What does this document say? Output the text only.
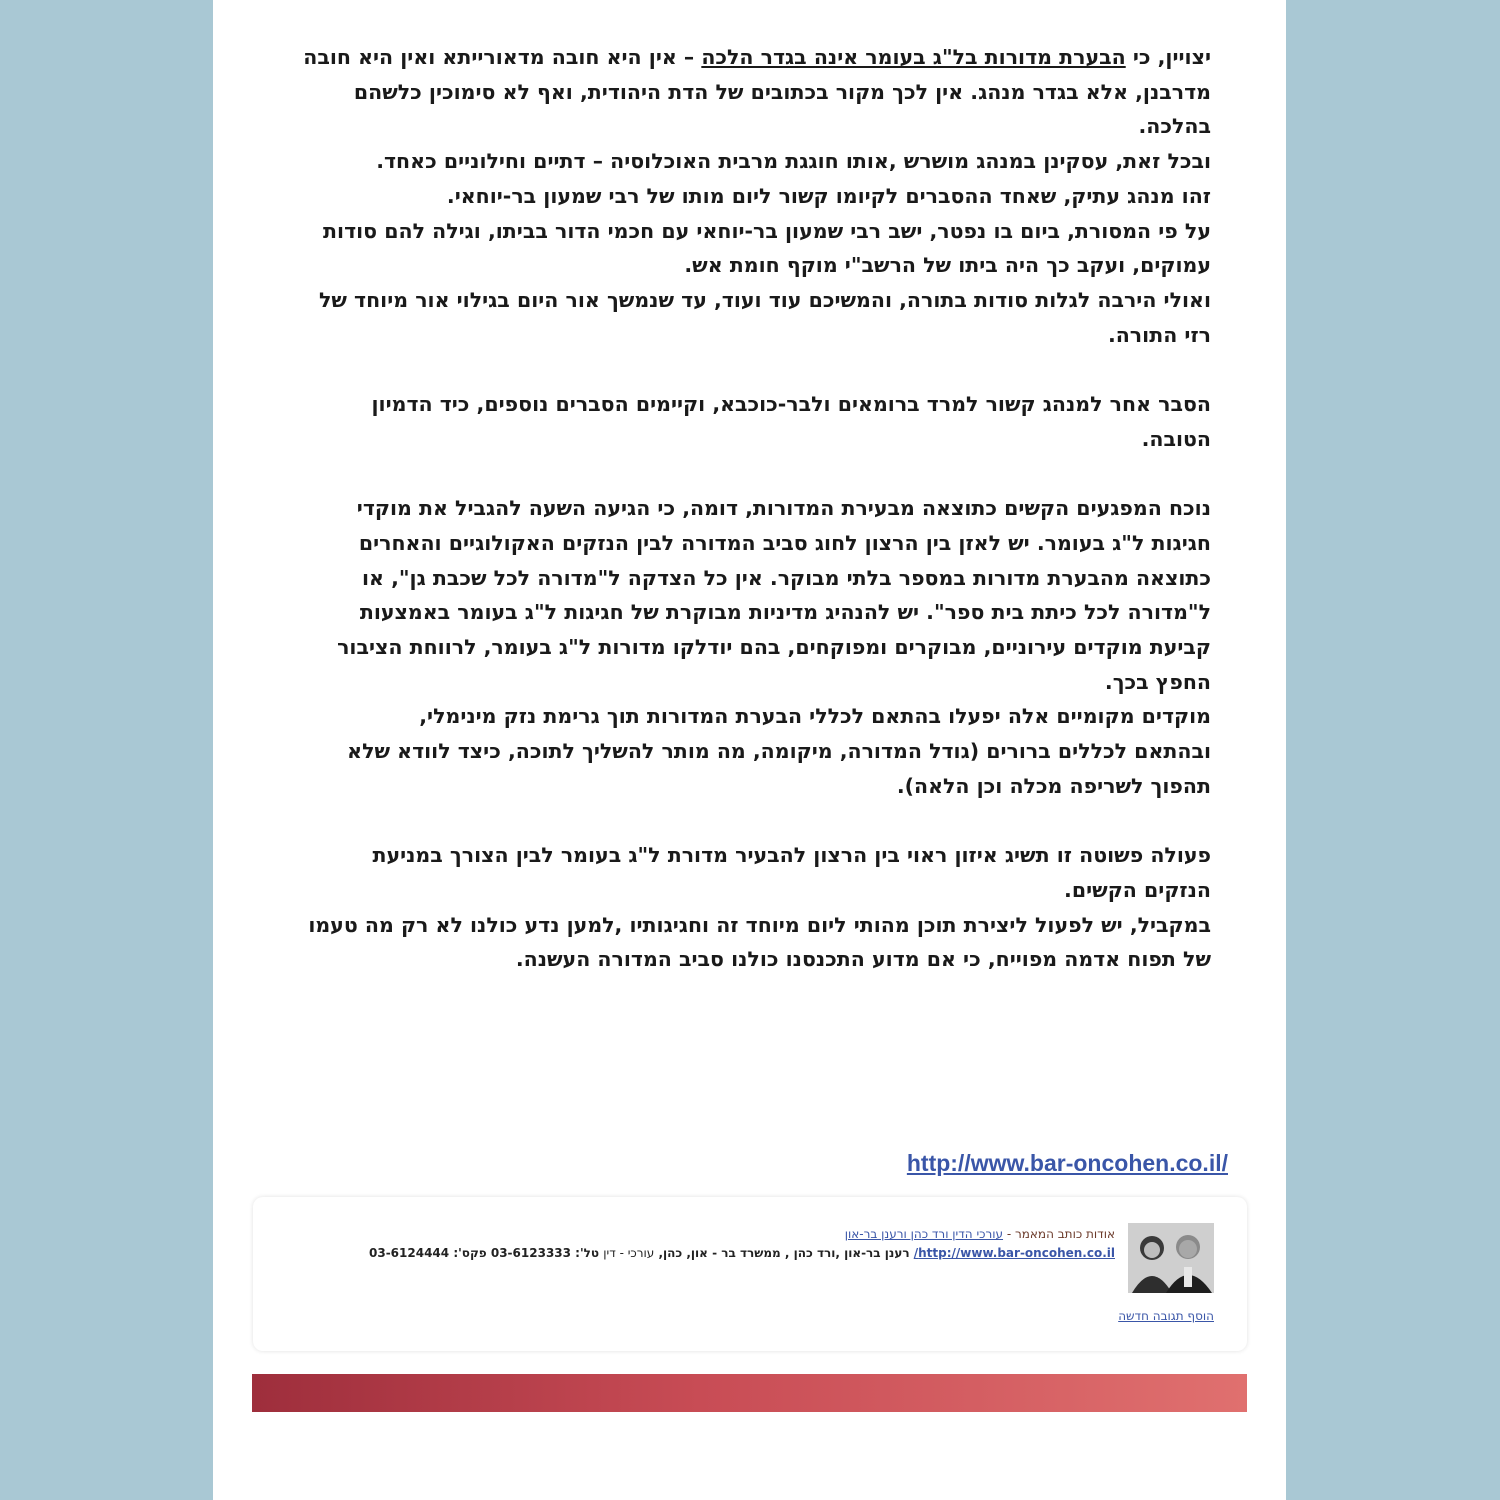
יצויין, כי הבערת מדורות בל"ג בעומר אינה בגדר הלכה – אין היא חובה מדאורייתא ואין היא חובה מדרבנן, אלא בגדר מנהג. אין לכך מקור בכתובים של הדת היהודית, ואף לא סימוכין כלשהם בהלכה.

ובכל זאת, עסקינן במנהג מושרש ,אותו חוגגת מרבית האוכלוסיה – דתיים וחילוניים כאחד.

זהו מנהג עתיק, שאחד ההסברים לקיומו קשור ליום מותו של רבי שמעון בר-יוחאי.

על פי המסורת, ביום בו נפטר, ישב רבי שמעון בר-יוחאי עם חכמי הדור בביתו, וגילה להם סודות עמוקים, ועקב כך היה ביתו של הרשב"י מוקף חומת אש.

ואולי הירבה לגלות סודות בתורה, והמשיכם עוד ועוד, עד שנמשך אור היום בגילוי אור מיוחד של רזי התורה.

הסבר אחר למנהג קשור למרד ברומאים ולבר-כוכבא, וקיימים הסברים נוספים, כיד הדמיון הטובה.

נוכח המפגעים הקשים כתוצאה מבעירת המדורות, דומה, כי הגיעה השעה להגביל את מוקדי חגיגות ל"ג בעומר. יש לאזן בין הרצון לחוג סביב המדורה לבין הנזקים האקולוגיים והאחרים כתוצאה מהבערת מדורות במספר בלתי מבוקר. אין כל הצדקה ל"מדורה לכל שכבת גן", או ל"מדורה לכל כיתת בית ספר". יש להנהיג מדיניות מבוקרת של חגיגות ל"ג בעומר באמצעות קביעת מוקדים עירוניים, מבוקרים ומפוקחים, בהם יודלקו מדורות ל"ג בעומר, לרווחת הציבור החפץ בכך.

מוקדים מקומיים אלה יפעלו בהתאם לכללי הבערת המדורות תוך גרימת נזק מינימלי,

ובהתאם לכללים ברורים (גודל המדורה, מיקומה, מה מותר להשליך לתוכה, כיצד לוודא שלא תהפוך לשריפה מכלה וכן הלאה).

פעולה פשוטה זו תשיג איזון ראוי בין הרצון להבעיר מדורת ל"ג בעומר לבין הצורך במניעת הנזקים הקשים.

במקביל, יש לפעול ליצירת תוכן מהותי ליום מיוחד זה וחגיגותיו ,למען נדע כולנו לא רק מה טעמו של תפוח אדמה מפוייח, כי אם מדוע התכנסנו כולנו סביב המדורה העשנה.

http://www.bar-oncohen.co.il/
אודות כותב המאמר - עורכי הדין ורד כהן ורענן בר-און
http://www.bar-oncohen.co.il/ רענן בר-און ,ורד כהן , ממשרד בר - און, כהן, עורכי - דין טל': 03-6123333 פקס': 03-6124444
הוסף תגובה חדשה
